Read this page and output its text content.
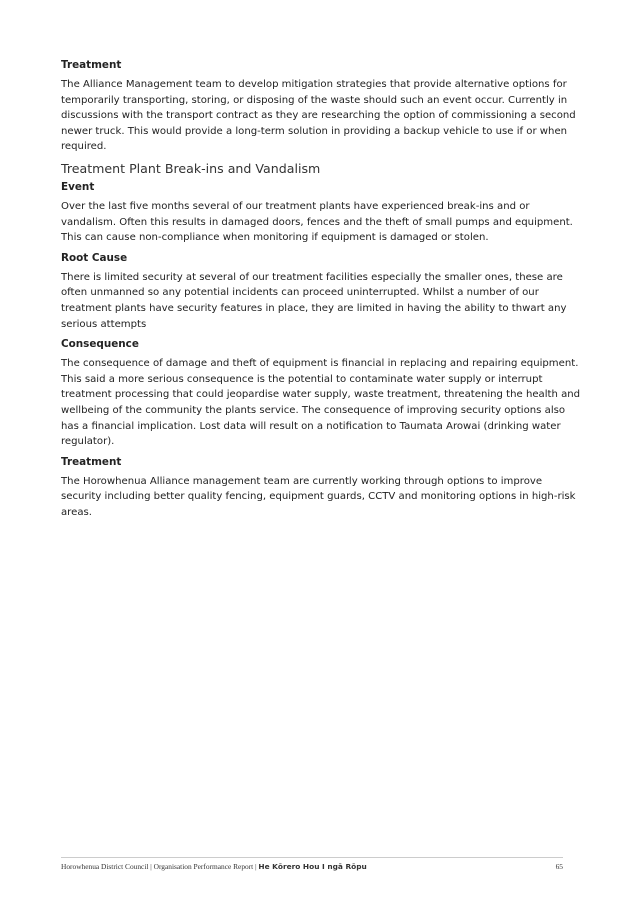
Treatment
The Alliance Management team to develop mitigation strategies that provide alternative options for temporarily transporting, storing, or disposing of the waste should such an event occur. Currently in discussions with the transport contract as they are researching the option of commissioning a second newer truck. This would provide a long-term solution in providing a backup vehicle to use if or when required.
Treatment Plant Break-ins and Vandalism
Event
Over the last five months several of our treatment plants have experienced break-ins and or vandalism. Often this results in damaged doors, fences and the theft of small pumps and equipment. This can cause non-compliance when monitoring if equipment is damaged or stolen.
Root Cause
There is limited security at several of our treatment facilities especially the smaller ones, these are often unmanned so any potential incidents can proceed uninterrupted. Whilst a number of our treatment plants have security features in place, they are limited in having the ability to thwart any serious attempts
Consequence
The consequence of damage and theft of equipment is financial in replacing and repairing equipment. This said a more serious consequence is the potential to contaminate water supply or interrupt treatment processing that could jeopardise water supply, waste treatment, threatening the health and wellbeing of the community the plants service. The consequence of improving security options also has a financial implication. Lost data will result on a notification to Taumata Arowai (drinking water regulator).
Treatment
The Horowhenua Alliance management team are currently working through options to improve security including better quality fencing, equipment guards, CCTV and monitoring options in high-risk areas.
Horowhenua District Council | Organisation Performance Report | He Kōrero Hou I ngā Rōpu	65
